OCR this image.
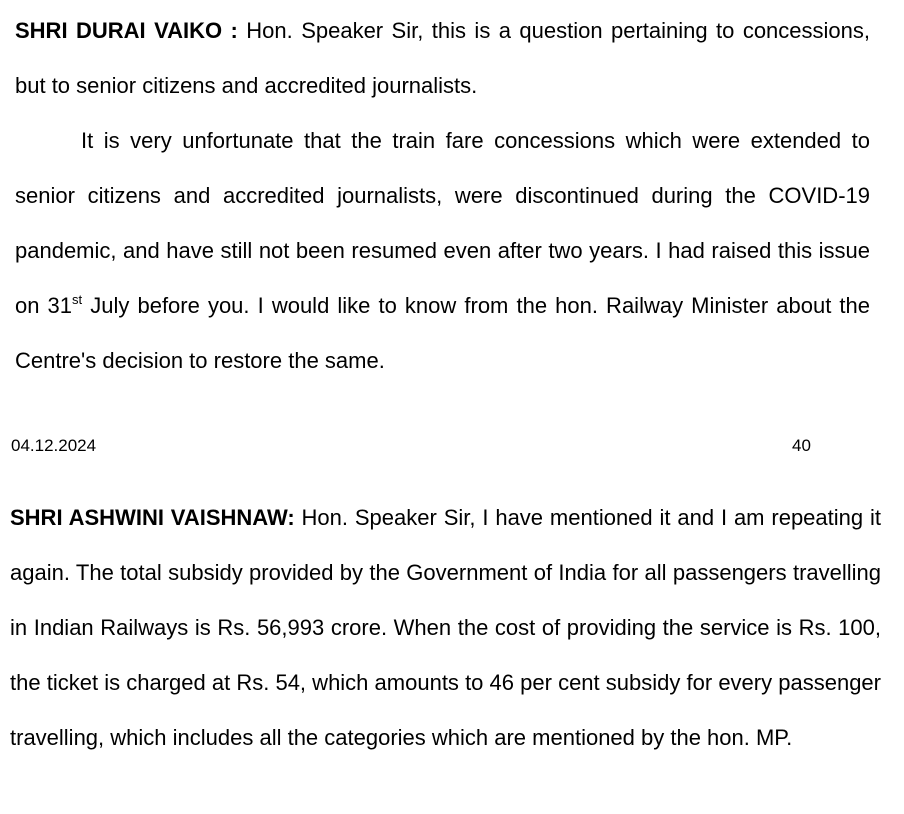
SHRI DURAI VAIKO : Hon. Speaker Sir, this is a question pertaining to concessions, but to senior citizens and accredited journalists.

It is very unfortunate that the train fare concessions which were extended to senior citizens and accredited journalists, were discontinued during the COVID-19 pandemic, and have still not been resumed even after two years. I had raised this issue on 31st July before you. I would like to know from the hon. Railway Minister about the Centre's decision to restore the same.

04.12.2024	40

SHRI ASHWINI VAISHNAW: Hon. Speaker Sir, I have mentioned it and I am repeating it again. The total subsidy provided by the Government of India for all passengers travelling in Indian Railways is Rs. 56,993 crore. When the cost of providing the service is Rs. 100, the ticket is charged at Rs. 54, which amounts to 46 per cent subsidy for every passenger travelling, which includes all the categories which are mentioned by the hon. MP.
